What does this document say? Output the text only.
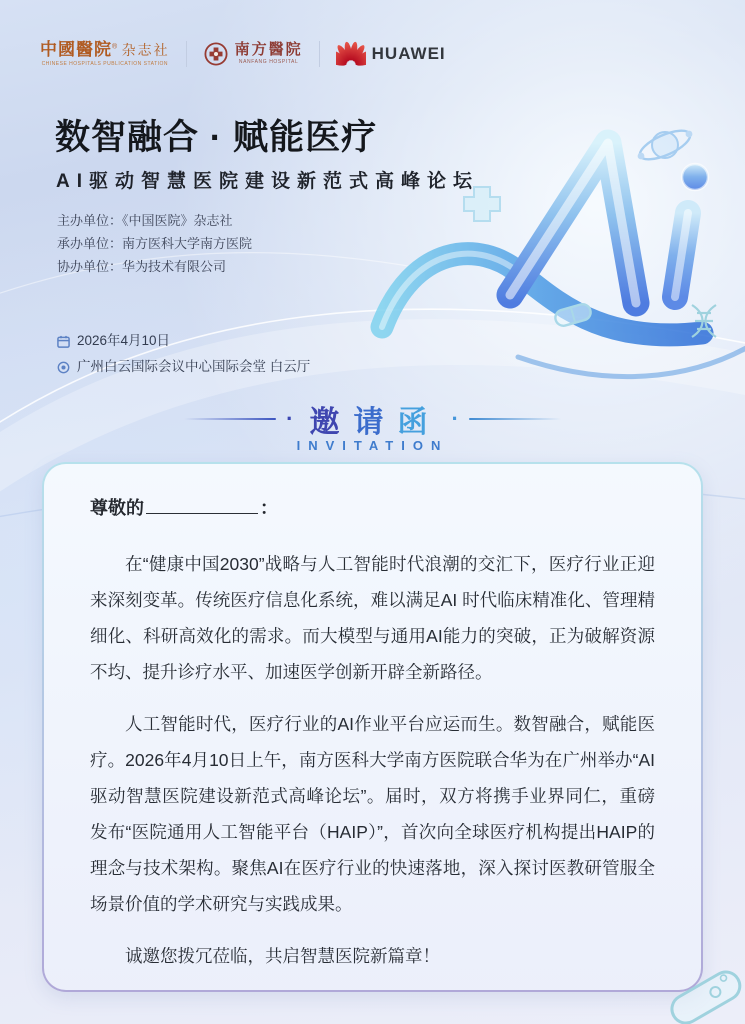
中國醫院® 杂志社
CHINESE HOSPITALS PUBLICATION STATION
南方醫院
NANFANG HOSPITAL	HUAWEI
数智融合 · 赋能医疗
AI驱动智慧医院建设新范式高峰论坛
主办单位：《中国医院》杂志社
承办单位：南方医科大学南方医院
协办单位：华为技术有限公司
2026年4月10日
广州白云国际会议中心国际会堂 白云厅
· 邀请函 ·
INVITATION
尊敬的	：

在“健康中国2030”战略与人工智能时代浪潮的交汇下，医疗行业正迎来深刻变革。传统医疗信息化系统，难以满足AI 时代临床精准化、管理精细化、科研高效化的需求。而大模型与通用AI能力的突破，正为破解资源不均、提升诊疗水平、加速医学创新开辟全新路径。

人工智能时代，医疗行业的AI作业平台应运而生。数智融合，赋能医疗。2026年4月10日上午，南方医科大学南方医院联合华为在广州举办“AI驱动智慧医院建设新范式高峰论坛”。届时，双方将携手业界同仁，重磅发布“医院通用人工智能平台（HAIP）”，首次向全球医疗机构提出HAIP的理念与技术架构。聚焦AI在医疗行业的快速落地，深入探讨医教研管服全场景价值的学术研究与实践成果。

诚邀您拨冗莅临，共启智慧医院新篇章！
